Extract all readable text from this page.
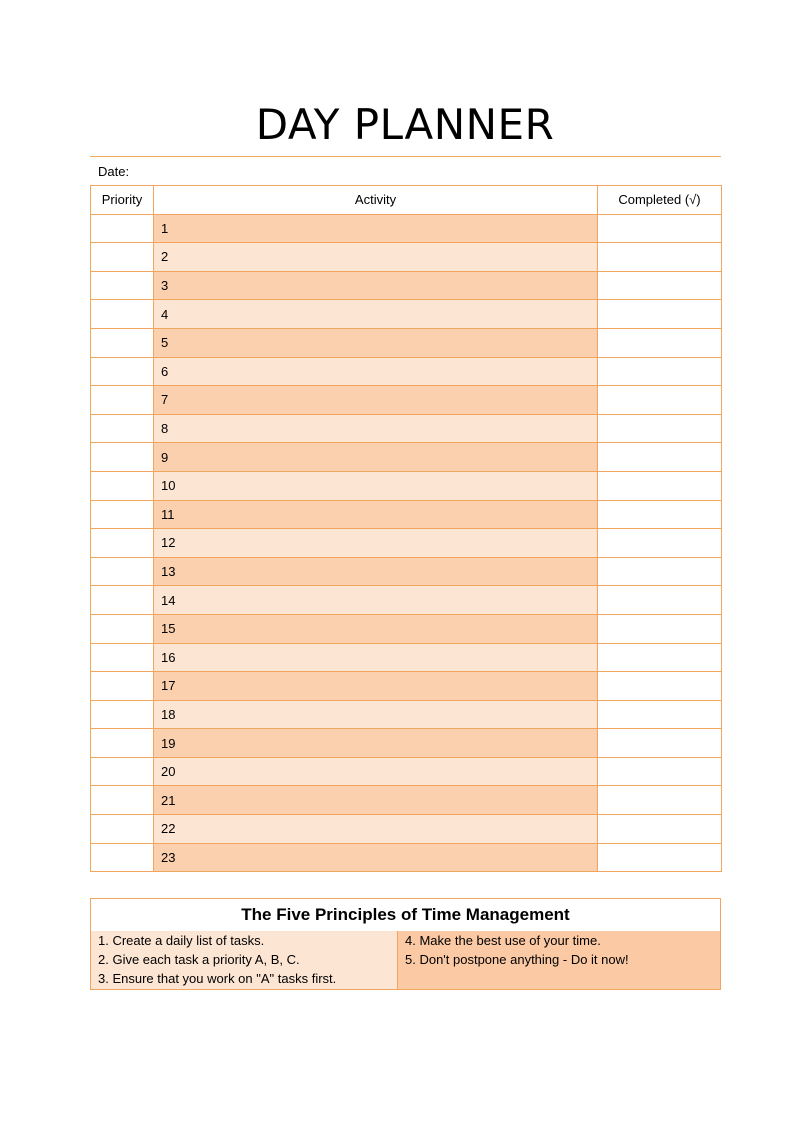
DAY PLANNER
Date:
Priority	Activity	Completed (√)
	1	
	2	
	3	
	4	
	5	
	6	
	7	
	8	
	9	
	10	
	11	
	12	
	13	
	14	
	15	
	16	
	17	
	18	
	19	
	20	
	21	
	22	
	23	
The Five Principles of Time Management
1. Create a daily list of tasks.
2. Give each task a priority A, B, C.
3. Ensure that you work on "A" tasks first.
4. Make the best use of your time.
5. Don't postpone anything - Do it now!
